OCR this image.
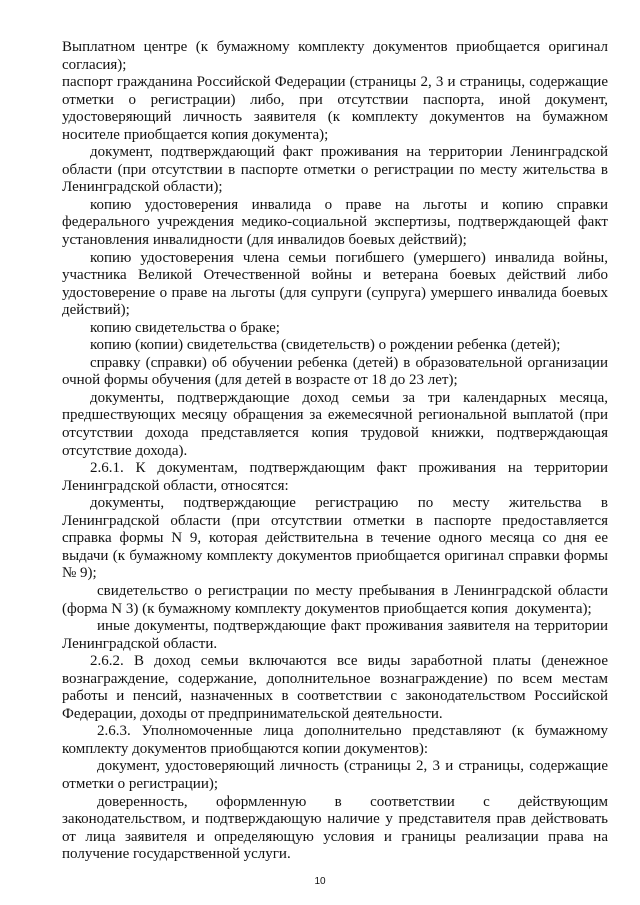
Выплатном центре (к бумажному комплекту документов приобщается оригинал
согласия);
паспорт гражданина Российской Федерации (страницы 2, 3 и страницы, содержащие
отметки о регистрации) либо, при отсутствии паспорта, иной документ,
удостоверяющий личность заявителя (к комплекту документов на бумажном
носителе приобщается копия документа);
документ, подтверждающий факт проживания на территории Ленинградской
области (при отсутствии в паспорте отметки о регистрации по месту жительства в
Ленинградской области);
копию удостоверения инвалида о праве на льготы и копию справки
федерального учреждения медико-социальной экспертизы, подтверждающей факт
установления инвалидности (для инвалидов боевых действий);
копию удостоверения члена семьи погибшего (умершего) инвалида войны,
участника Великой Отечественной войны и ветерана боевых действий либо
удостоверение о праве на льготы (для супруги (супруга) умершего инвалида боевых
действий);
копию свидетельства о браке;
копию (копии) свидетельства (свидетельств) о рождении ребенка (детей);
справку (справки) об обучении ребенка (детей) в образовательной организации
очной формы обучения (для детей в возрасте от 18 до 23 лет);
документы, подтверждающие доход семьи за три календарных месяца,
предшествующих месяцу обращения за ежемесячной региональной выплатой (при
отсутствии дохода представляется копия трудовой книжки, подтверждающая
отсутствие дохода).
2.6.1. К документам, подтверждающим факт проживания на территории
Ленинградской области, относятся:
документы, подтверждающие регистрацию по месту жительства в
Ленинградской области (при отсутствии отметки в паспорте предоставляется
справка формы N 9, которая действительна в течение одного месяца со дня ее
выдачи (к бумажному комплекту документов приобщается оригинал справки формы
№ 9);
свидетельство о регистрации по месту пребывания в Ленинградской области
(форма N 3) (к бумажному комплекту документов приобщается копия  документа);
иные документы, подтверждающие факт проживания заявителя на территории
Ленинградской области.
2.6.2. В доход семьи включаются все виды заработной платы (денежное
вознаграждение, содержание, дополнительное вознаграждение) по всем местам
работы и пенсий, назначенных в соответствии с законодательством Российской
Федерации, доходы от предпринимательской деятельности.
2.6.3. Уполномоченные лица дополнительно представляют (к бумажному
комплекту документов приобщаются копии документов):
документ, удостоверяющий личность (страницы 2, 3 и страницы, содержащие
отметки о регистрации);
доверенность, оформленную в соответствии с действующим
законодательством, и подтверждающую наличие у представителя прав действовать
от лица заявителя и определяющую условия и границы реализации права на
получение государственной услуги.
10
